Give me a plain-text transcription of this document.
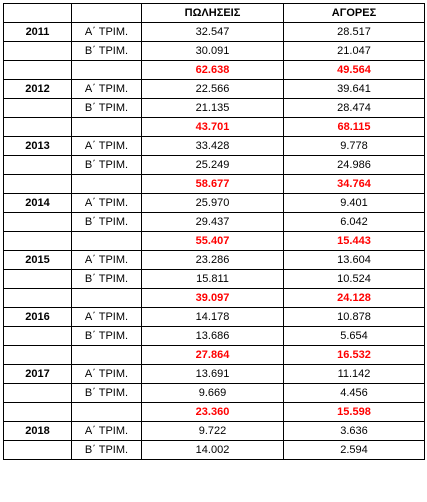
		ΠΩΛΗΣΕΙΣ	ΑΓΟΡΕΣ
2011	Α΄ ΤΡΙΜ.	32.547	28.517
	Β΄ ΤΡΙΜ.	30.091	21.047
		62.638	49.564
2012	Α΄ ΤΡΙΜ.	22.566	39.641
	Β΄ ΤΡΙΜ.	21.135	28.474
		43.701	68.115
2013	Α΄ ΤΡΙΜ.	33.428	9.778
	Β΄ ΤΡΙΜ.	25.249	24.986
		58.677	34.764
2014	Α΄ ΤΡΙΜ.	25.970	9.401
	Β΄ ΤΡΙΜ.	29.437	6.042
		55.407	15.443
2015	Α΄ ΤΡΙΜ.	23.286	13.604
	Β΄ ΤΡΙΜ.	15.811	10.524
		39.097	24.128
2016	Α΄ ΤΡΙΜ.	14.178	10.878
	Β΄ ΤΡΙΜ.	13.686	5.654
		27.864	16.532
2017	Α΄ ΤΡΙΜ.	13.691	11.142
	Β΄ ΤΡΙΜ.	9.669	4.456
		23.360	15.598
2018	Α΄ ΤΡΙΜ.	9.722	3.636
	Β΄ ΤΡΙΜ.	14.002	2.594
